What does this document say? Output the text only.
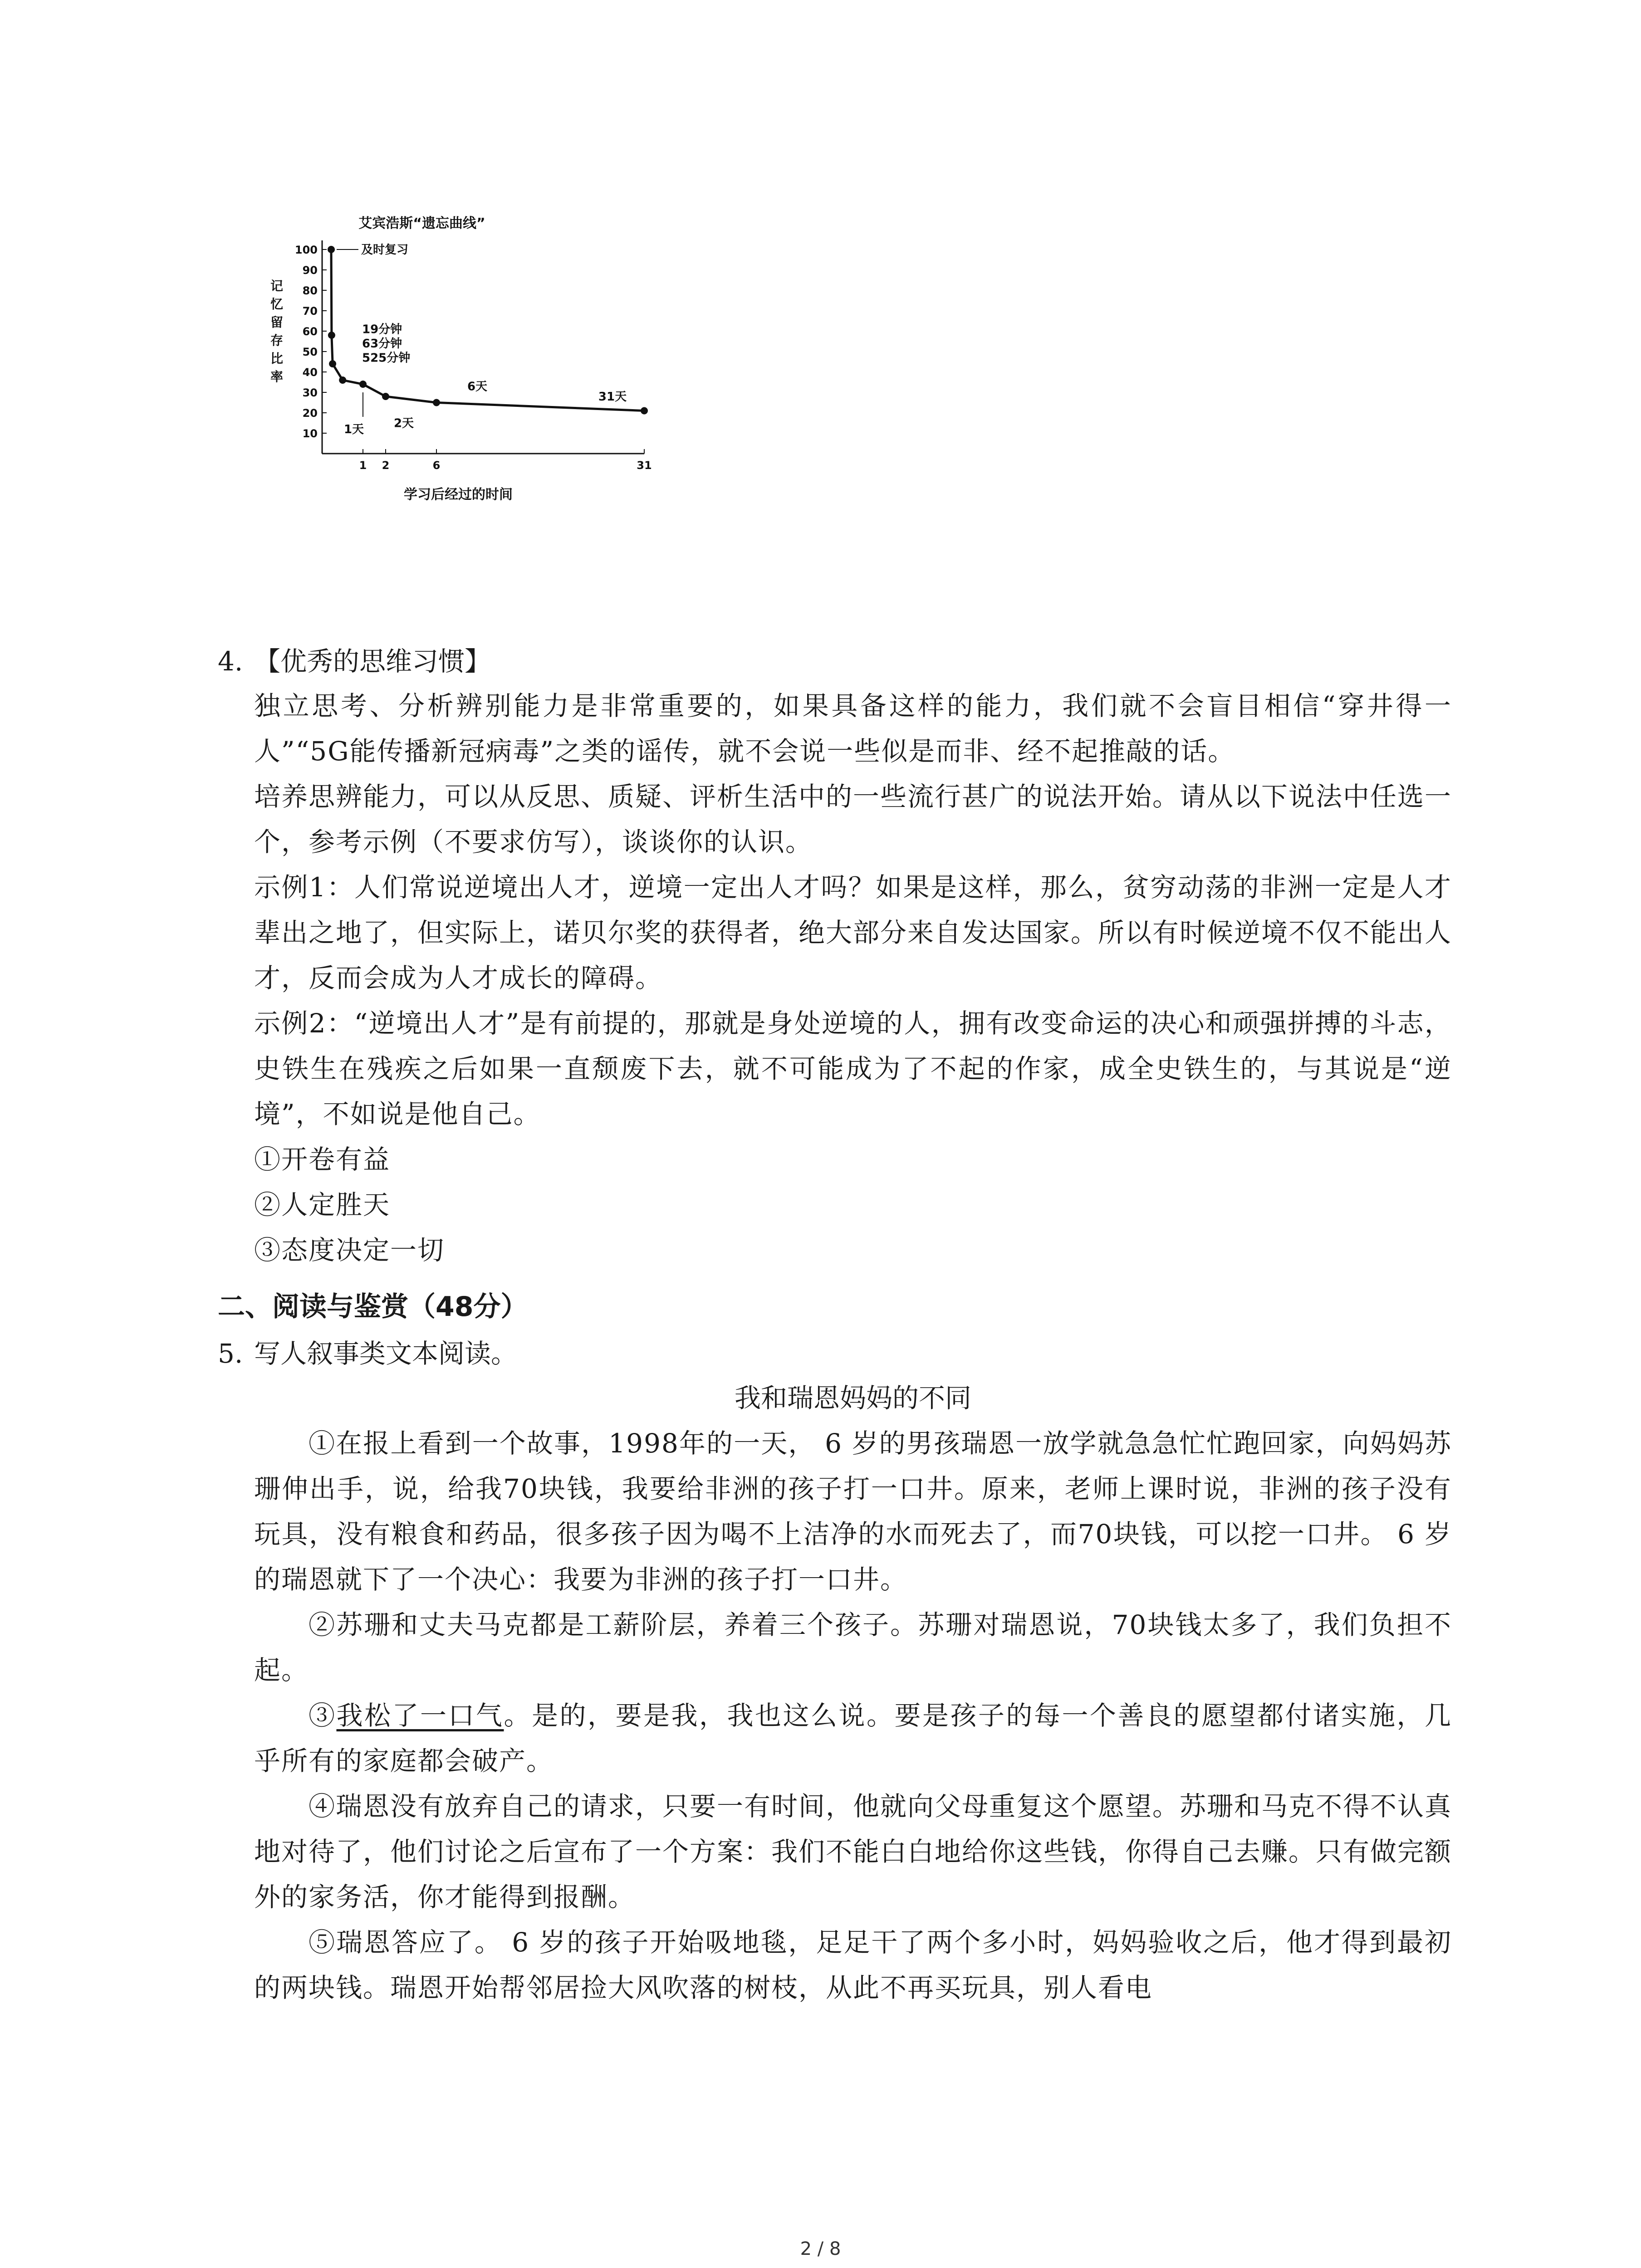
艾宾浩斯“遗忘曲线”
记忆留存比率
学习后经过的时间
10
20
30
40
50
60
70
80
90
100
1 2	6	31
及时复习
19分钟
63分钟
525分钟
1天	2天
6天
31天
4. 【优秀的思维习惯】
独立思考、分析辨别能力是非常重要的，如果具备这样的能力，我们就不会盲目相信“穿井得一人”“5G能传播新冠病毒”之类的谣传，就不会说一些似是而非、经不起推敲的话。
培养思辨能力，可以从反思、质疑、评析生活中的一些流行甚广的说法开始。请从以下说法中任选一个，参考示例（不要求仿写），谈谈你的认识。
示例1：人们常说逆境出人才，逆境一定出人才吗？如果是这样，那么，贫穷动荡的非洲一定是人才辈出之地了，但实际上，诺贝尔奖的获得者，绝大部分来自发达国家。所以有时候逆境不仅不能出人才，反而会成为人才成长的障碍。
示例2：“逆境出人才”是有前提的，那就是身处逆境的人，拥有改变命运的决心和顽强拼搏的斗志，史铁生在残疾之后如果一直颓废下去，就不可能成为了不起的作家，成全史铁生的，与其说是“逆境”，不如说是他自己。
①开卷有益
②人定胜天
③态度决定一切
二、阅读与鉴赏（48分）
5. 写人叙事类文本阅读。
我和瑞恩妈妈的不同
①在报上看到一个故事，1998年的一天， 6 岁的男孩瑞恩一放学就急急忙忙跑回家，向妈妈苏珊伸出手，说，给我70块钱，我要给非洲的孩子打一口井。原来，老师上课时说，非洲的孩子没有玩具，没有粮食和药品，很多孩子因为喝不上洁净的水而死去了，而70块钱，可以挖一口井。 6 岁的瑞恩就下了一个决心：我要为非洲的孩子打一口井。
②苏珊和丈夫马克都是工薪阶层，养着三个孩子。苏珊对瑞恩说，70块钱太多了，我们负担不起。
③我松了一口气。是的，要是我，我也这么说。要是孩子的每一个善良的愿望都付诸实施，几乎所有的家庭都会破产。
④瑞恩没有放弃自己的请求，只要一有时间，他就向父母重复这个愿望。苏珊和马克不得不认真地对待了，他们讨论之后宣布了一个方案：我们不能白白地给你这些钱，你得自己去赚。只有做完额外的家务活，你才能得到报酬。
⑤瑞恩答应了。 6 岁的孩子开始吸地毯，足足干了两个多小时，妈妈验收之后，他才得到最初的两块钱。瑞恩开始帮邻居捡大风吹落的树枝，从此不再买玩具，别人看电
2 / 8
